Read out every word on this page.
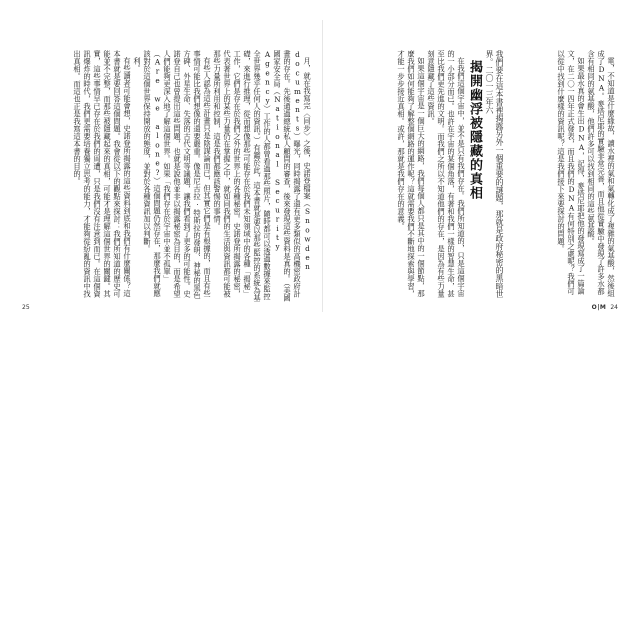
月，就在我寫完〈同步〉之後，史諾登檔案（Snowden documents）曝光，同時揭露了還有更多類似的高機密政府計畫的存在。先後通過總統私人顧問的審查，後來發現這些資料是真的。（美國國家安全局（National Security Agency）工作的人都曾看過那些照片，隨時都可以透過數據來監控全世界幾乎任何人的資訊。）有鑑於此，這本書就是要以那些監控的系統為基礎，來進行推理，從而想像那些可能存在於我們未知領域中的各種「揭秘」工作，它們是存在於我們之外的世界上的各種秘密。史諾登所揭露的秘密，代表著世界上的某些力量仍在掌握之中，就如同我們的生活與資訊都可能被那些力量所利用和控制，這是我們都應該警惕的事情。

有些人認為這些計畫只是陰謀論而已，但其實它們是有根據的，而且有些事情可能比我們想像的還要嚴重。像是尼古拉·特斯拉的發明、神秘的黑色方碑、外星生命、失落的古代文明等議題，讓我們看到了更多的可能性。史諾登自己也曾提出這些問題，也就是說他並非以揭露秘密為目的，而是希望人們能夠更深入地了解這個世界。如果「我們存在於宇宙中並不孤單」（Are we alone?）這個問題仍然存在，那麼我們就應該對於這個世界保持開放的態度，並對於各種資訊加以判斷。

利。

有些讀者可能會想，史諾登所揭露的這些資料到底和我們有什麼關係？這本書就是要回答這個問題。我會從以下的觀點來探討：我們所知道的歷史可能並不完整，而那些被隱藏起來的真相，可能才是理解這個世界的關鍵。其實，這些事情早已存在於我們的周遭，只是我們沒有注意到而已。在這個資訊爆炸的時代，我們更需要培養獨立思考的能力，才能夠從紛亂的資訊中找出真相。而這也正是我寫這本書的目的。

25

電，不知道是什麼緣故，讀水裡的氣和氣轉化成了複雜的氣基酸，然後組成了DNA。麥塔尼耶的實驗非常完善，而且他從實驗中發現了許多水都含有相同的氨基酸，他們許多可以找到相同的這些氨基酸。

如果最水真的會生出DNA，記得，麥塔尼耶把他的發現寫成了一篇論文，在二〇一四年正式發表，而且我們的DNA有何特別之處呢？我們可以從中找到什麼樣的資訊呢？這是我們接下來要探討的問題。

揭開幽浮被隱藏的真相	我們要在這本書裡揭露另外一個重要的謎題，那就是政府秘密的黑暗世界。二〇一三年六

在我們這個宇宙中，並不是只有我們存在。我們所知道的，只是這個宇宙的一小部分而已。也許在宇宙的某個角落，有著和我們一樣的智慧生命，甚至比我們更先進的文明。而我們之所以不知道他們的存在，是因為有些力量刻意隱藏了這些資訊。

如果這個宇宙是一個巨大的網路，我們每個人都只是其中的一個節點，那麼我們如何能夠了解整個網路的運作呢？這就需要我們不斷地探索與學習，才能一步步接近真相。或許，那就是我們存在的意義。

O|M 24
